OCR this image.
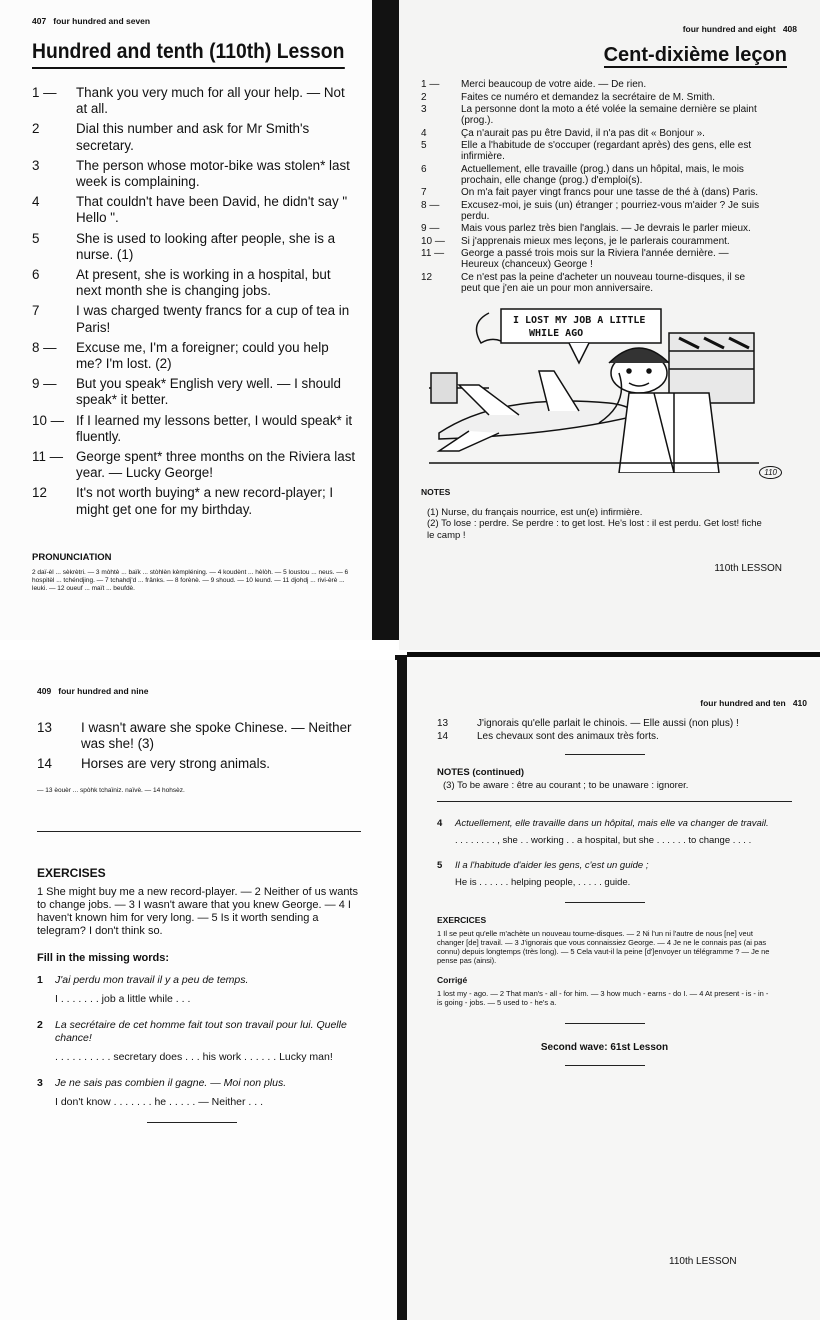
407 four hundred and seven
Hundred and tenth (110th) Lesson
1 —	Thank you very much for all your help. — Not at all.
2	Dial this number and ask for Mr Smith's secretary.
3	The person whose motor-bike was stolen* last week is complaining.
4	That couldn't have been David, he didn't say " Hello ".
5	She is used to looking after people, she is a nurse. (1)
6	At present, she is working in a hospital, but next month she is changing jobs.
7	I was charged twenty francs for a cup of tea in Paris!
8 —	Excuse me, I'm a foreigner; could you help me? I'm lost. (2)
9 —	But you speak* English very well. — I should speak* it better.
10 — If I learned my lessons better, I would speak* it fluently.
11 — George spent* three months on the Riviera last year. — Lucky George!
12	It's not worth buying* a new record-player; I might get one for my birthday.
PRONUNCIATION
2 daï-èl ... sèkrètri. — 3 mòhtè ... baïk ... stòhlèn kèmpléning. — 4 koudènt ... hèlòh. — 5 loustou ... neus. — 6 hospitèl ... tchéndjing. — 7 tchahdj'd ... frânks. — 8 forènè. — 9 shoud. — 10 leund. — 11 djohdj ... rivi-èrè ... leuki. — 12 oueuf ... maït ... beufdè.
four hundred and eight 408
Cent-dixième leçon
1 —	Merci beaucoup de votre aide. — De rien.
2	Faites ce numéro et demandez la secrétaire de M. Smith.
3	La personne dont la moto a été volée la semaine dernière se plaint (prog.).
4	Ça n'aurait pas pu être David, il n'a pas dit « Bonjour ».
5	Elle a l'habitude de s'occuper (regardant après) des gens, elle est infirmière.
6	Actuellement, elle travaille (prog.) dans un hôpital, mais, le mois prochain, elle change (prog.) d'emploi(s).
7	On m'a fait payer vingt francs pour une tasse de thé à (dans) Paris.
8 —	Excusez-moi, je suis (un) étranger ; pourriez-vous m'aider ? Je suis perdu.
9 —	Mais vous parlez très bien l'anglais. — Je devrais le parler mieux.
10 —	Si j'apprenais mieux mes leçons, je le parlerais couramment.
11 —	George a passé trois mois sur la Riviera l'année dernière. — Heureux (chanceux) George !
12	Ce n'est pas la peine d'acheter un nouveau tourne-disques, il se peut que j'en aie un pour mon anniversaire.
I LOST MY JOB A LITTLE
WHILE AGO
110
NOTES
(1) Nurse, du français nourrice, est un(e) infirmière.
(2) To lose : perdre. Se perdre : to get lost. He's lost : il est perdu. Get lost! fiche le camp !
110th LESSON
409 four hundred and nine
13	I wasn't aware she spoke Chinese. — Neither was she! (3)
14	Horses are very strong animals.
— 13 èouèr ... spòhk tchaïniz. naïvè. — 14 hohsèz.
EXERCISES
1 She might buy me a new record-player. — 2 Neither of us wants to change jobs. — 3 I wasn't aware that you knew George. — 4 I haven't known him for very long. — 5 Is it worth sending a telegram? I don't think so.
Fill in the missing words:
1	J'ai perdu mon travail il y a peu de temps.
I . . . . . . . job a little while . . .
2	La secrétaire de cet homme fait tout son travail pour lui. Quelle chance!
. . . . . . . . . . secretary does . . . his work . . . . . . Lucky man!
3	Je ne sais pas combien il gagne. — Moi non plus.
I don't know . . . . . . . he . . . . . — Neither . . .
four hundred and ten 410
13	J'ignorais qu'elle parlait le chinois. — Elle aussi (non plus) !
14	Les chevaux sont des animaux très forts.
NOTES (continued)
(3) To be aware : être au courant ; to be unaware : ignorer.
4	Actuellement, elle travaille dans un hôpital, mais elle va changer de travail.
. . . . . . . . , she . . working . . a hospital, but she . . . . . . to change . . . .
5	Il a l'habitude d'aider les gens, c'est un guide ;
He is . . . . . . helping people, . . . . . guide.
EXERCICES
1 Il se peut qu'elle m'achète un nouveau tourne-disques. — 2 Ni l'un ni l'autre de nous [ne] veut changer [de] travail. — 3 J'ignorais que vous connaissiez George. — 4 Je ne le connais pas (ai pas connu) depuis longtemps (très long). — 5 Cela vaut-il la peine [d']envoyer un télégramme ? — Je ne pense pas (ainsi).
Corrigé
1 lost my - ago. — 2 That man's - all - for him. — 3 how much - earns - do I. — 4 At present - is - in - is going - jobs. — 5 used to - he's a.
Second wave: 61st Lesson
110th LESSON
